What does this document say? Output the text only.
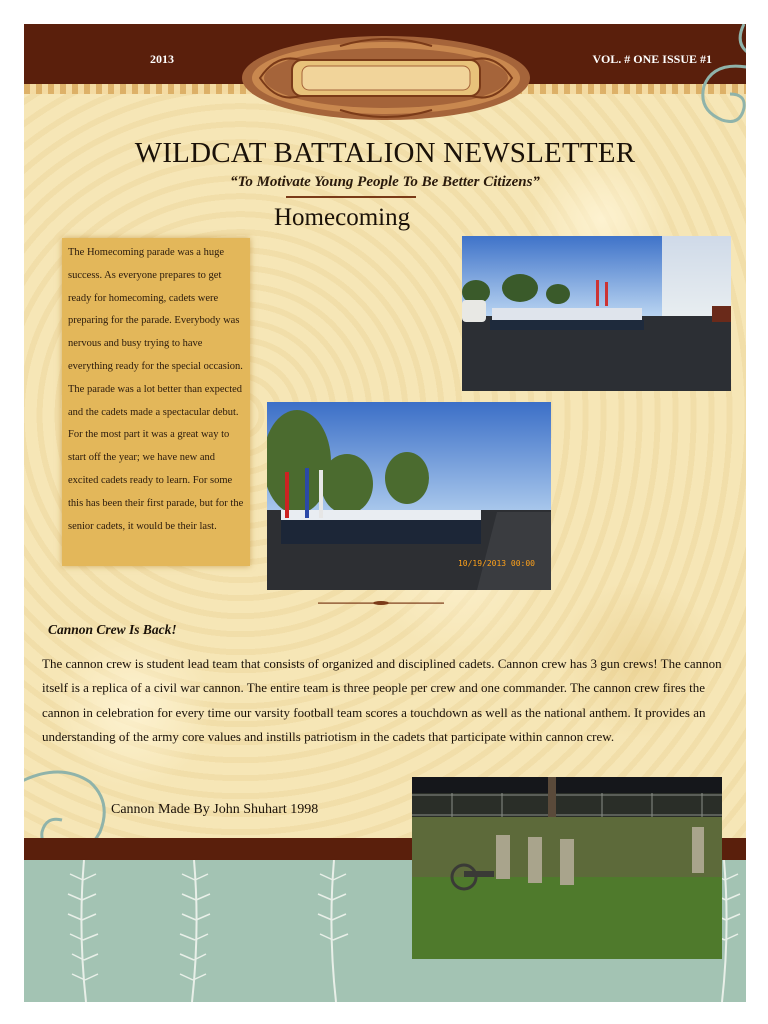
2013	VOL. # ONE ISSUE #1
WILDCAT BATTALION NEWSLETTER
“To Motivate Young People To Be Better Citizens”
Homecoming
The Homecoming parade was a huge success. As everyone prepares to get ready for homecoming, cadets were preparing for the parade. Everybody was nervous and busy trying to have everything ready for the special occasion. The parade was a lot better than expected and the cadets made a spectacular debut. For the most part it was a great way to start off the year; we have new and excited cadets ready to learn. For some this has been their first parade, but for the senior cadets, it would be their last.
10/19/2013 00:00
Cannon Crew Is Back!
The cannon crew is student lead team that consists of organized and disciplined cadets. Cannon crew has 3 gun crews! The cannon itself is a replica of a civil war cannon. The entire team is three people per crew and one commander. The cannon crew fires the cannon in celebration for every time our varsity football team scores a touchdown as well as the national anthem. It provides an understanding of the army core values and instills patriotism in the cadets that participate within cannon crew.
Cannon Made By John Shuhart 1998
